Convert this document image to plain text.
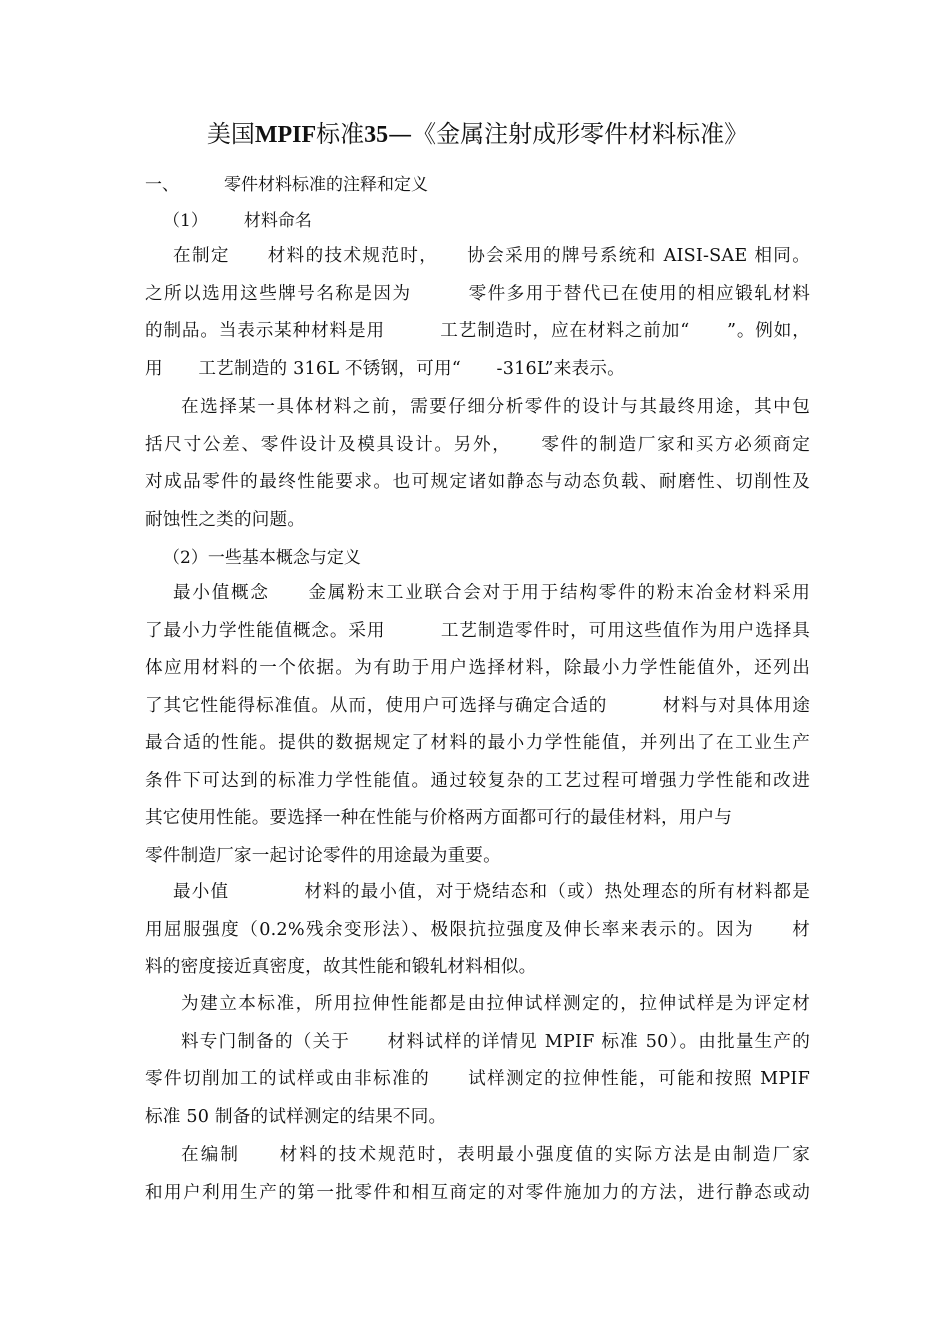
美国MPIF标准35—《金属注射成形零件材料标准》
一、	零件材料标准的注释和定义
（1） 材料命名
在制定　　材料的技术规范时，　　协会采用的牌号系统和 AISI-SAE 相同。
之所以选用这些牌号名称是因为　　　零件多用于替代已在使用的相应锻轧材料
的制品。当表示某种材料是用　　　工艺制造时，应在材料之前加“　　”。例如，
用　　工艺制造的 316L 不锈钢，可用“　　-316L”来表示。
在选择某一具体材料之前，需要仔细分析零件的设计与其最终用途，其中包
括尺寸公差、零件设计及模具设计。另外，　　零件的制造厂家和买方必须商定
对成品零件的最终性能要求。也可规定诸如静态与动态负载、耐磨性、切削性及
耐蚀性之类的问题。
（2）一些基本概念与定义
最小值概念　　金属粉末工业联合会对于用于结构零件的粉末冶金材料采用
了最小力学性能值概念。采用　　　工艺制造零件时，可用这些值作为用户选择具
体应用材料的一个依据。为有助于用户选择材料，除最小力学性能值外，还列出
了其它性能得标准值。从而，使用户可选择与确定合适的　　　材料与对具体用途
最合适的性能。提供的数据规定了材料的最小力学性能值，并列出了在工业生产
条件下可达到的标准力学性能值。通过较复杂的工艺过程可增强力学性能和改进
其它使用性能。要选择一种在性能与价格两方面都可行的最佳材料，用户与
零件制造厂家一起讨论零件的用途最为重要。
最小值　　　　材料的最小值，对于烧结态和（或）热处理态的所有材料都是
用屈服强度（0.2%残余变形法）、极限抗拉强度及伸长率来表示的。因为　　材
料的密度接近真密度，故其性能和锻轧材料相似。
为建立本标准，所用拉伸性能都是由拉伸试样测定的，拉伸试样是为评定材
料专门制备的（关于　　材料试样的详情见 MPIF 标准 50）。由批量生产的
零件切削加工的试样或由非标准的　　试样测定的拉伸性能，可能和按照 MPIF
标准 50 制备的试样测定的结果不同。
在编制　　材料的技术规范时，表明最小强度值的实际方法是由制造厂家
和用户利用生产的第一批零件和相互商定的对零件施加力的方法，进行静态或动
